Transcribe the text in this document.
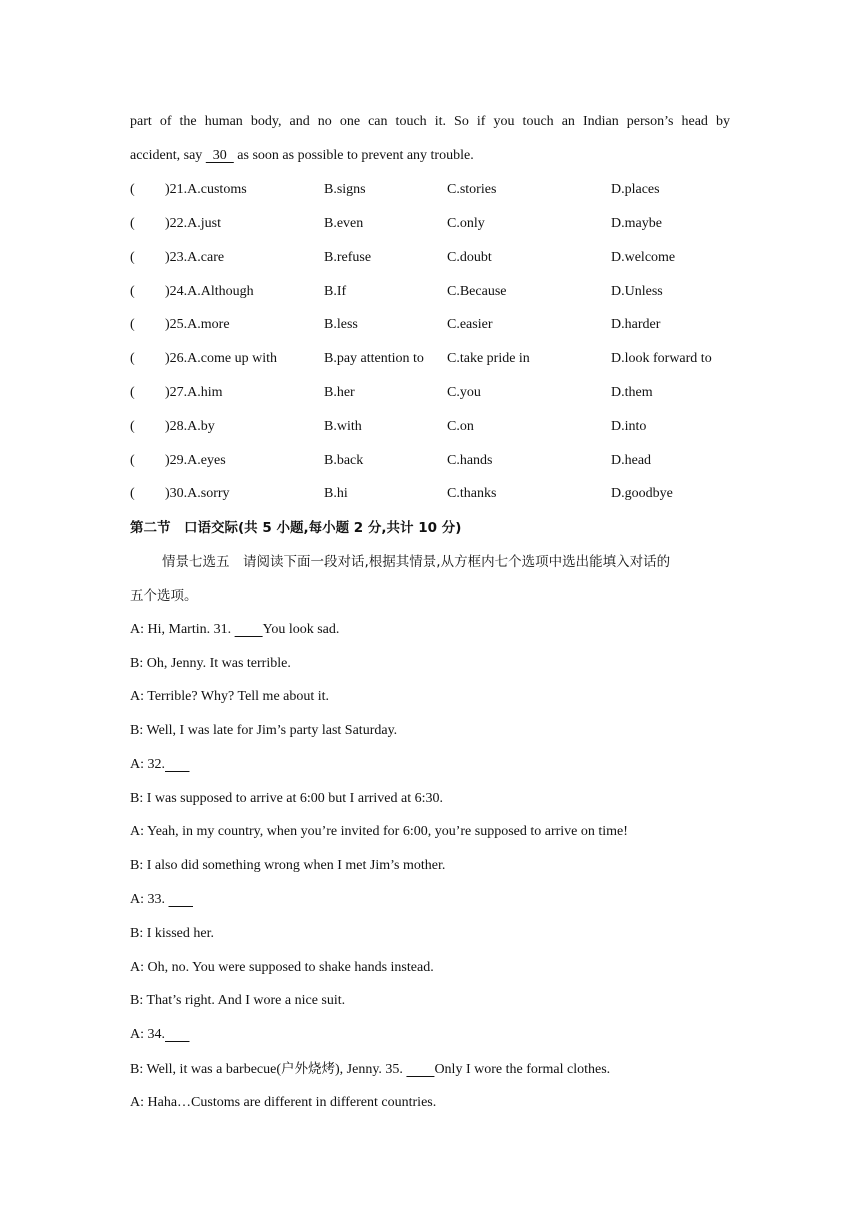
part of the human body, and no one can touch it. So if you touch an Indian person’s head by
accident, say   30   as soon as possible to prevent any trouble.
( )21.A.customs	B.signs	C.stories	D.places
( )22.A.just	B.even	C.only	D.maybe
( )23.A.care	B.refuse	C.doubt	D.welcome
( )24.A.Although	B.If	C.Because	D.Unless
( )25.A.more	B.less	C.easier	D.harder
( )26.A.come up with	B.pay attention to C.take pride in	D.look forward to
( )27.A.him	B.her	C.you	D.them
( )28.A.by	B.with	C.on	D.into
( )29.A.eyes	B.back	C.hands	D.head
( )30.A.sorry	B.hi	C.thanks	D.goodbye
第二节　口语交际(共 5 小题,每小题 2 分,共计 10 分)
情景七选五　请阅读下面一段对话,根据其情景,从方框内七个选项中选出能填入对话的
五个选项。
A: Hi, Martin. 31.         You look sad.
B: Oh, Jenny. It was terrible.
A: Terrible? Why? Tell me about it.
B: Well, I was late for Jim’s party last Saturday.
A: 32.
B: I was supposed to arrive at 6:00 but I arrived at 6:30.
A: Yeah, in my country, when you’re invited for 6:00, you’re supposed to arrive on time!
B: I also did something wrong when I met Jim’s mother.
A: 33.
B: I kissed her.
A: Oh, no. You were supposed to shake hands instead.
B: That’s right. And I wore a nice suit.
A: 34.
B: Well, it was a barbecue(户外烧烤), Jenny. 35.         Only I wore the formal clothes.
A: Haha…Customs are different in different countries.
